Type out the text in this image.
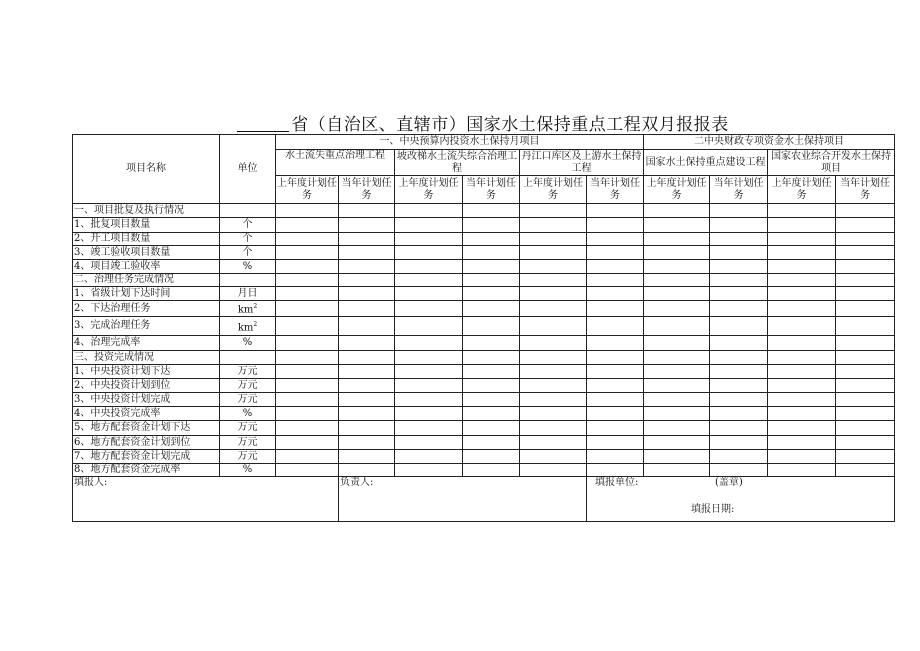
省（自治区、直辖市）国家水土保持重点工程双月报报表
项目名称	单位	一、中央预算内投资水土保持月项目						二中央财政专项资金水土保持项目			
		水土流失重点治理工程		坡改梯水土流失综合治理工程		丹江口库区及上游水土保持工程		国家水土保持重点建设工程		国家农业综合开发水土保持项目	
		上年度计划任务	当年计划任务	上年度计划任务	当年计划任务	上年度计划任务	当年计划任务	上年度计划任务	当年计划任务	上年度计划任务	当年计划任务
一、项目批复及执行情况											
1、批复项目数量	个										
2、开工项目数量	个										
3、竣工验收项目数量	个										
4、项目竣工验收率	%										
二、治理任务完成情况											
1、省级计划下达时间	月日										
2、下达治理任务	$km^2$										
3、完成治理任务	$km^2$										
4、治理完成率	%										
三、投资完成情况											
1、中央投资计划下达	万元										
2、中央投资计划到位	万元										
3、中央投资计划完成	万元										
4、中央投资完成率	%										
5、地方配套资金计划下达	万元										
6、地方配套资金计划到位	万元										
7、地方配套资金计划完成	万元										
8、地方配套资金完成率	%										
填报人:			负责人:				填报单位: (盖章)
填报日期:				
